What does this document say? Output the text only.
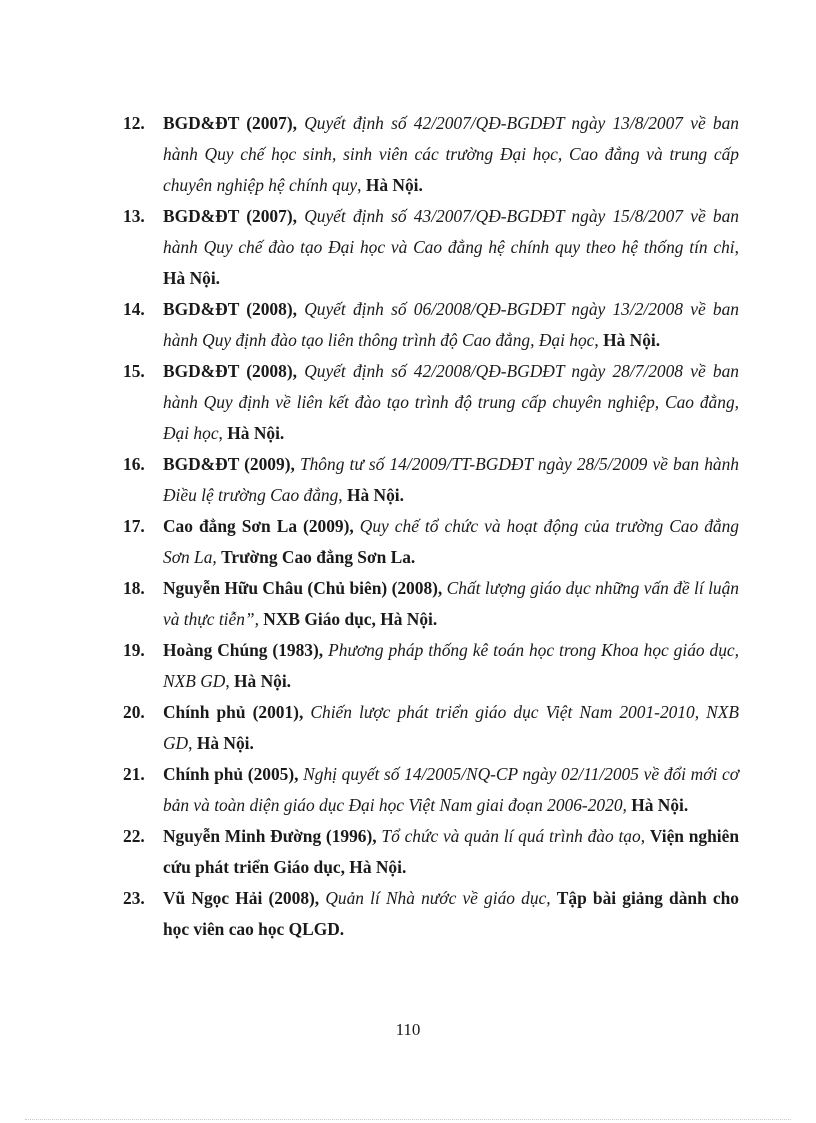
12. BGD&ĐT (2007), Quyết định số 42/2007/QĐ-BGDĐT ngày 13/8/2007 về ban hành Quy chế học sinh, sinh viên các trường Đại học, Cao đẳng và trung cấp chuyên nghiệp hệ chính quy, Hà Nội.
13. BGD&ĐT (2007), Quyết định số 43/2007/QĐ-BGDĐT ngày 15/8/2007 về ban hành Quy chế đào tạo Đại học và Cao đẳng hệ chính quy theo hệ thống tín chỉ, Hà Nội.
14. BGD&ĐT (2008), Quyết định số 06/2008/QĐ-BGDĐT ngày 13/2/2008 về ban hành Quy định đào tạo liên thông trình độ Cao đẳng, Đại học, Hà Nội.
15. BGD&ĐT (2008), Quyết định số 42/2008/QĐ-BGDĐT ngày 28/7/2008 về ban hành Quy định về liên kết đào tạo trình độ trung cấp chuyên nghiệp, Cao đẳng, Đại học, Hà Nội.
16. BGD&ĐT (2009), Thông tư số 14/2009/TT-BGDĐT ngày 28/5/2009 về ban hành Điều lệ trường Cao đẳng, Hà Nội.
17. Cao đẳng Sơn La (2009), Quy chế tổ chức và hoạt động của trường Cao đẳng Sơn La, Trường Cao đẳng Sơn La.
18. Nguyễn Hữu Châu (Chủ biên) (2008), Chất lượng giáo dục những vấn đề lí luận và thực tiễn”, NXB Giáo dục, Hà Nội.
19. Hoàng Chúng (1983), Phương pháp thống kê toán học trong Khoa học giáo dục, NXB GD, Hà Nội.
20. Chính phủ (2001), Chiến lược phát triển giáo dục Việt Nam 2001-2010, NXB GD, Hà Nội.
21. Chính phủ (2005), Nghị quyết số 14/2005/NQ-CP ngày 02/11/2005 về đổi mới cơ bản và toàn diện giáo dục Đại học Việt Nam giai đoạn 2006-2020, Hà Nội.
22. Nguyễn Minh Đường (1996), Tổ chức và quản lí quá trình đào tạo, Viện nghiên cứu phát triển Giáo dục, Hà Nội.
23. Vũ Ngọc Hải (2008), Quản lí Nhà nước về giáo dục, Tập bài giảng dành cho học viên cao học QLGD.
110
